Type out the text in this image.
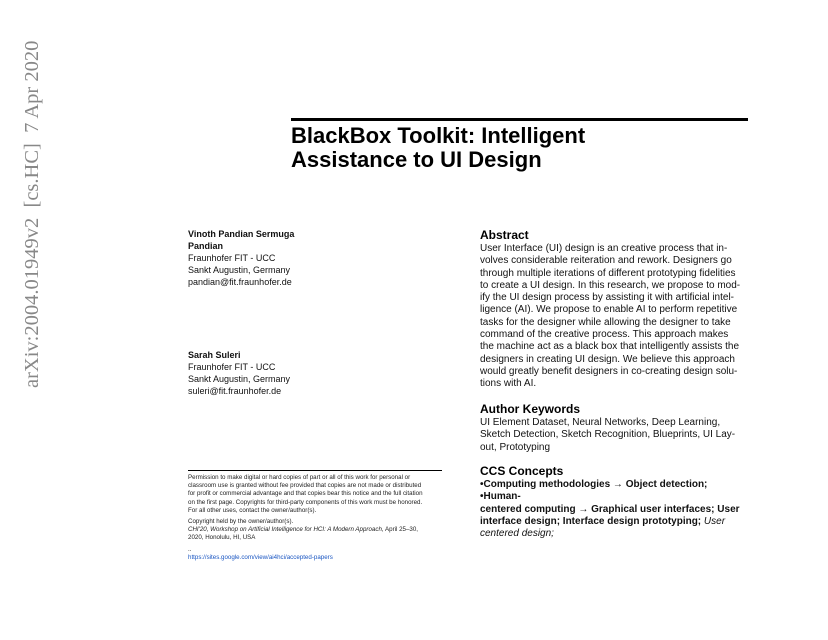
arXiv:2004.01949v2  [cs.HC]  7 Apr 2020	BlackBox Toolkit: Intelligent
Assistance to UI Design
Vinoth Pandian Sermuga
Pandian
Fraunhofer FIT - UCC
Sankt Augustin, Germany
pandian@fit.fraunhofer.de
Sarah Suleri
Fraunhofer FIT - UCC
Sankt Augustin, Germany
suleri@fit.fraunhofer.de
Abstract

User Interface (UI) design is an creative process that in-
volves considerable reiteration and rework. Designers go
through multiple iterations of different prototyping fidelities
to create a UI design. In this research, we propose to mod-
ify the UI design process by assisting it with artificial intel-
ligence (AI). We propose to enable AI to perform repetitive
tasks for the designer while allowing the designer to take
command of the creative process. This approach makes
the machine act as a black box that intelligently assists the
designers in creating UI design. We believe this approach
would greatly benefit designers in co-creating design solu-
tions with AI.

Author Keywords

UI Element Dataset, Neural Networks, Deep Learning,
Sketch Detection, Sketch Recognition, Blueprints, UI Lay-
out, Prototyping

CCS Concepts

•Computing methodologies → Object detection; •Human-
centered computing → Graphical user interfaces; User
interface design; Interface design prototyping; User
centered design;

Permission to make digital or hard copies of part or all of this work for personal or
classroom use is granted without fee provided that copies are not made or distributed
for profit or commercial advantage and that copies bear this notice and the full citation
on the first page. Copyrights for third-party components of this work must be honored.
For all other uses, contact the owner/author(s).
Copyright held by the owner/author(s).
CHI'20, Workshop on Artificial Intelligence for HCI: A Modern Approach, April 25–30,
2020, Honolulu, HI, USA
..
https://sites.google.com/view/ai4hci/accepted-papers
